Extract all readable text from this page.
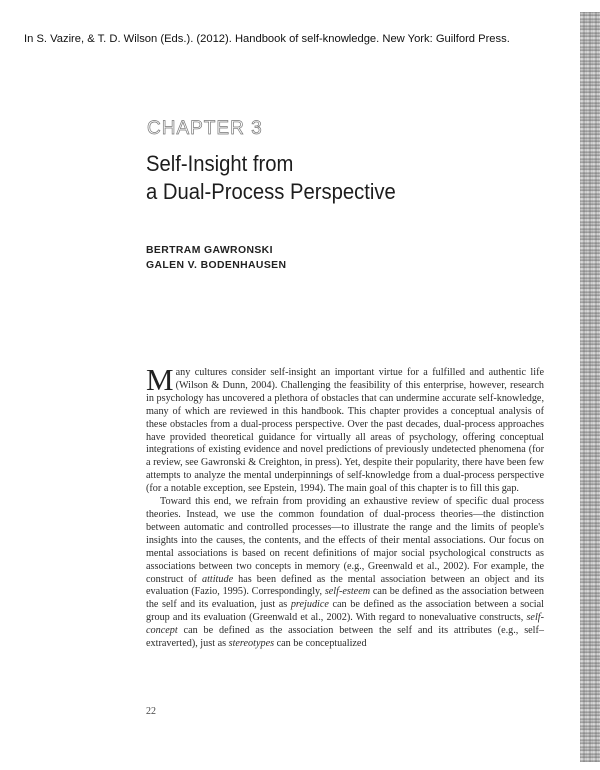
In S. Vazire, & T. D. Wilson (Eds.). (2012). Handbook of self-knowledge. New York: Guilford Press.
CHAPTER 3
Self-Insight from
a Dual-Process Perspective
BERTRAM GAWRONSKI
GALEN V. BODENHAUSEN

Many cultures consider self-insight an important virtue for a fulfilled and authentic life (Wilson & Dunn, 2004). Challenging the feasibility of this enterprise, however, research in psychology has uncovered a plethora of obstacles that can undermine accurate self-knowledge, many of which are reviewed in this handbook. This chapter provides a conceptual analysis of these obstacles from a dual-process perspective. Over the past decades, dual-process approaches have provided theoretical guidance for virtually all areas of psychology, offering conceptual integrations of existing evidence and novel predictions of previously undetected phenomena (for a review, see Gawronski & Creighton, in press). Yet, despite their popularity, there have been few attempts to analyze the mental underpinnings of self-knowledge from a dual-process perspective (for a notable exception, see Epstein, 1994). The main goal of this chapter is to fill this gap.

Toward this end, we refrain from providing an exhaustive review of specific dual process theories. Instead, we use the common foundation of dual-process theories—the distinction between automatic and controlled processes—to illustrate the range and the limits of people's insights into the causes, the contents, and the effects of their mental associations. Our focus on mental associations is based on recent definitions of major social psychological constructs as associations between two concepts in memory (e.g., Greenwald et al., 2002). For example, the construct of attitude has been defined as the mental association between an object and its evaluation (Fazio, 1995). Correspondingly, self-esteem can be defined as the association between the self and its evaluation, just as prejudice can be defined as the association between a social group and its evaluation (Greenwald et al., 2002). With regard to nonevaluative constructs, self-concept can be defined as the association between the self and its attributes (e.g., self–extraverted), just as stereotypes can be conceptualized

22
